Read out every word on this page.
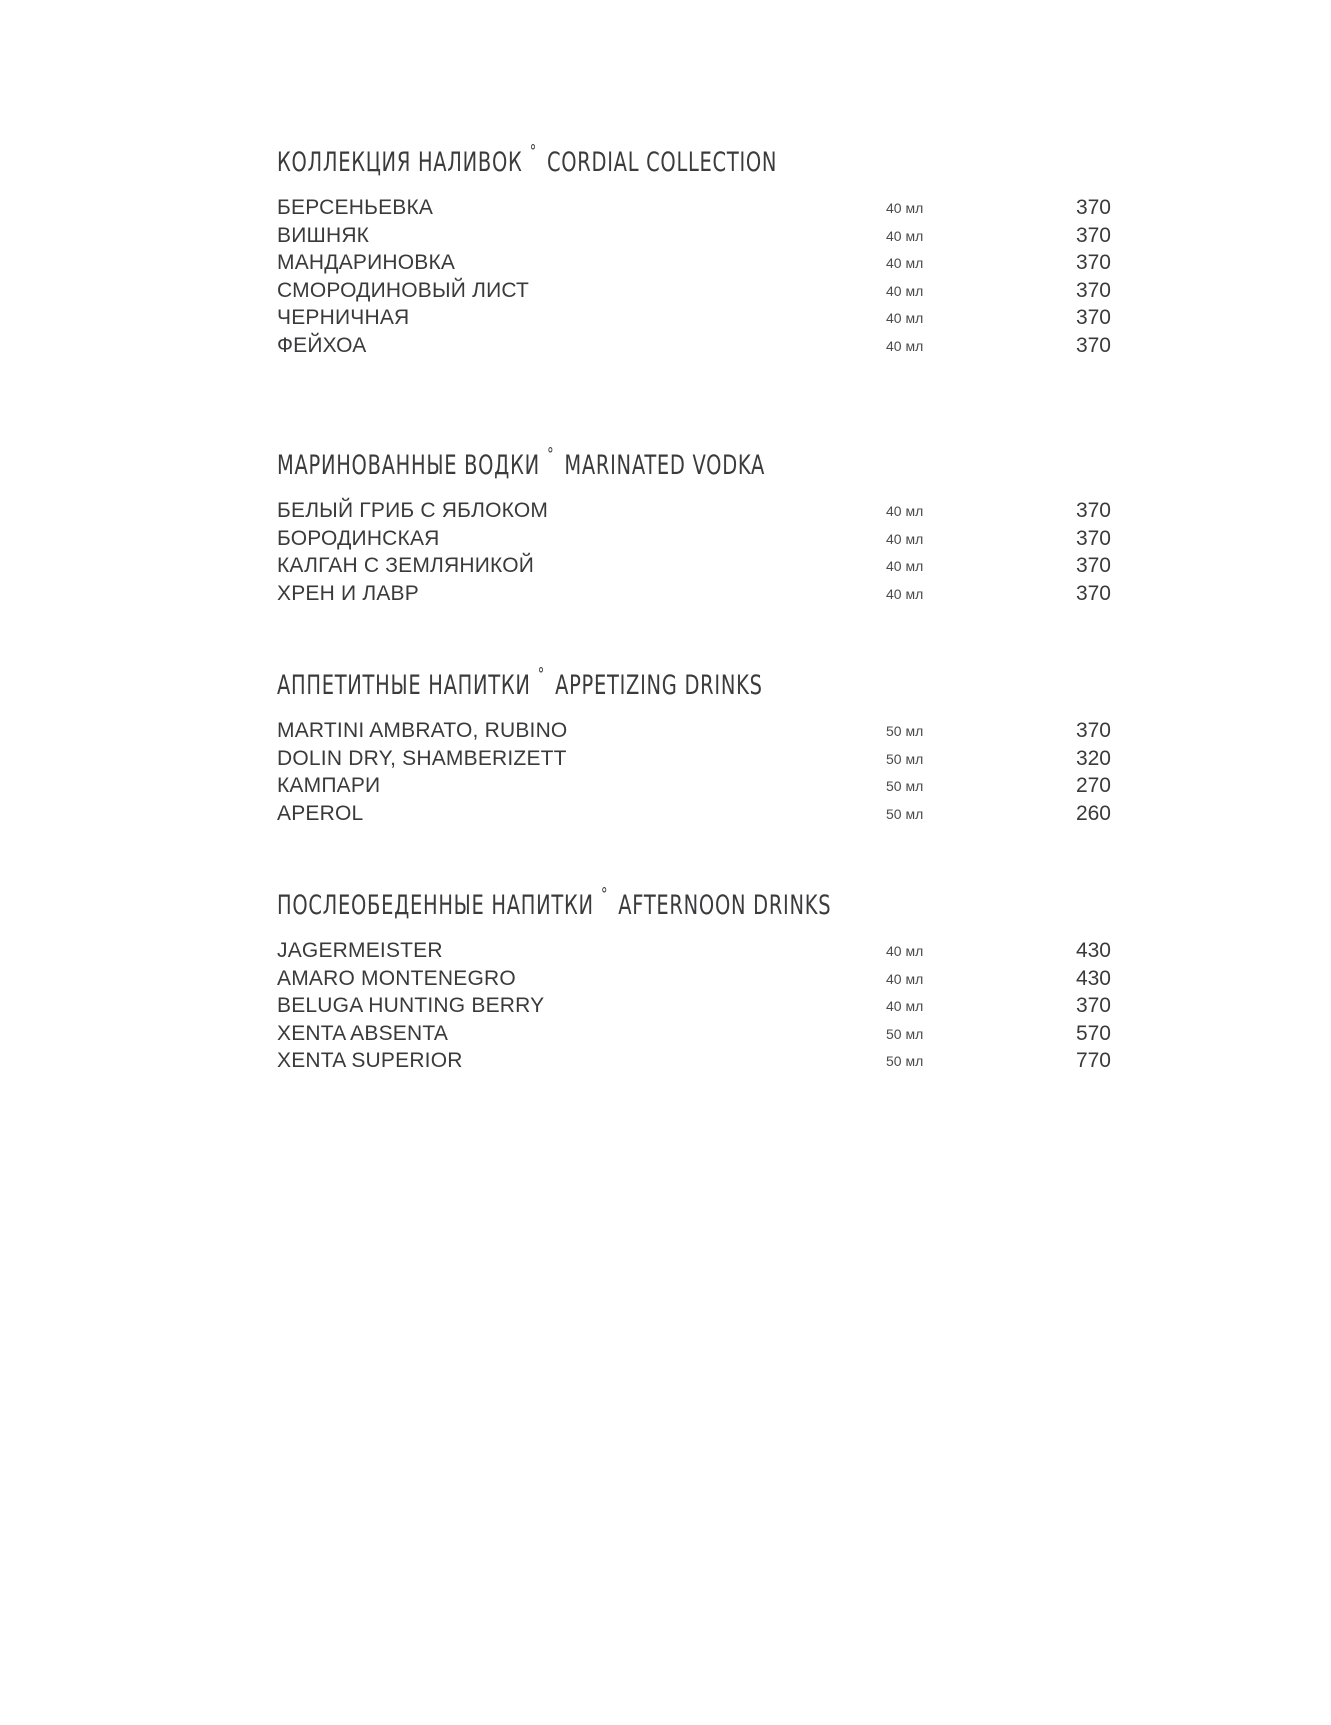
КОЛЛЕКЦИЯ НАЛИВОК ° CORDIAL COLLECTION
БЕРСЕНЬЕВКА	40 мл	370
ВИШНЯК	40 мл	370
МАНДАРИНОВКА	40 мл	370
СМОРОДИНОВЫЙ ЛИСТ	40 мл	370
ЧЕРНИЧНАЯ	40 мл	370
ФЕЙХОА	40 мл	370
МАРИНОВАННЫЕ ВОДКИ ° MARINATED VODKA
БЕЛЫЙ ГРИБ С ЯБЛОКОМ	40 мл	370
БОРОДИНСКАЯ	40 мл	370
КАЛГАН С ЗЕМЛЯНИКОЙ	40 мл	370
ХРЕН И ЛАВР	40 мл	370
АППЕТИТНЫЕ НАПИТКИ ° APPETIZING DRINKS
MARTINI AMBRATO, RUBINO	50 мл	370
DOLIN DRY, SHAMBERIZETT	50 мл	320
КАМПАРИ	50 мл	270
APEROL	50 мл	260
ПОСЛЕОБЕДЕННЫЕ НАПИТКИ ° AFTERNOON DRINKS
JAGERMEISTER	40 мл	430
AMARO MONTENEGRO	40 мл	430
BELUGA HUNTING BERRY	40 мл	370
XENTA ABSENTA	50 мл	570
XENTA SUPERIOR	50 мл	770
